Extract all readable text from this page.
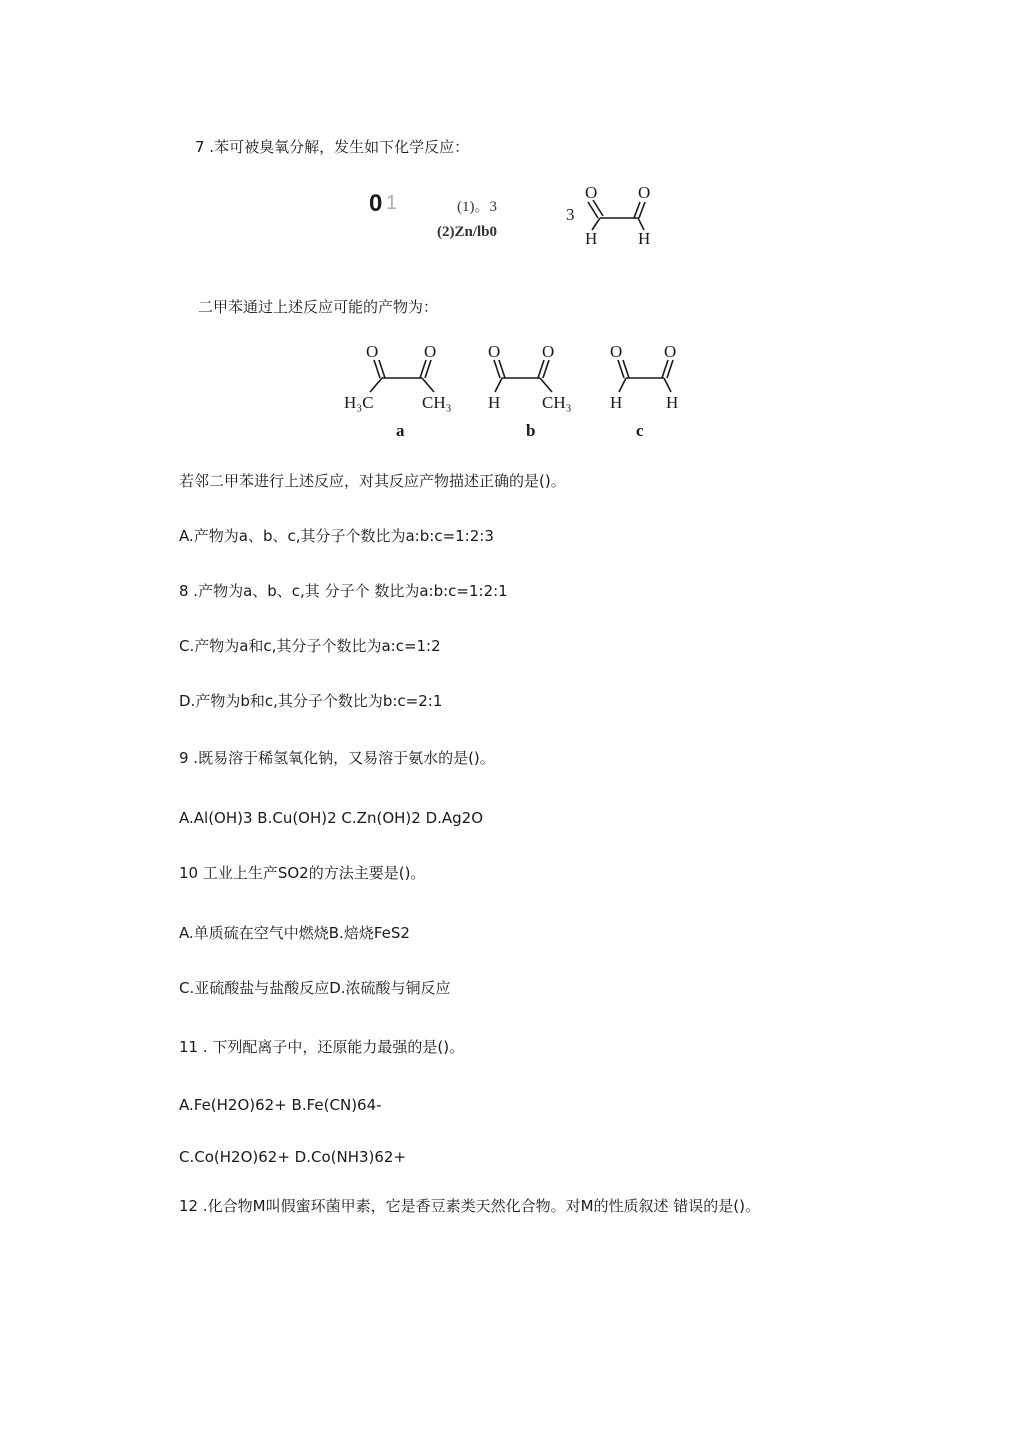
7 .苯可被臭氧分解，发生如下化学反应：
0 1	(1)。3
(2)Zn/lb0
3
O O
H H
二甲苯通过上述反应可能的产物为：
O	O
H₃C	CH₃
a
O O
H CH₃
b
O O
H	H
c
若邻二甲苯进行上述反应，对其反应产物描述正确的是()。
A.产物为a、b、c,其分子个数比为a:b:c=1:2:3
8 .产物为a、b、c,其 分子个 数比为a:b:c=1:2:1
C.产物为a和c,其分子个数比为a:c=1:2
D.产物为b和c,其分子个数比为b:c=2:1
9 .既易溶于稀氢氧化钠，又易溶于氨水的是()。
A.Al(OH)3 B.Cu(OH)2 C.Zn(OH)2 D.Ag2O
10 工业上生产SO2的方法主要是()。
A.单质硫在空气中燃烧B.焙烧FeS2
C.亚硫酸盐与盐酸反应D.浓硫酸与铜反应
11 . 下列配离子中，还原能力最强的是()。
A.Fe(H2O)62+ B.Fe(CN)64-
C.Co(H2O)62+ D.Co(NH3)62+
12 .化合物M叫假蜜环菌甲素，它是香豆素类天然化合物。对M的性质叙述 错误的是()。
